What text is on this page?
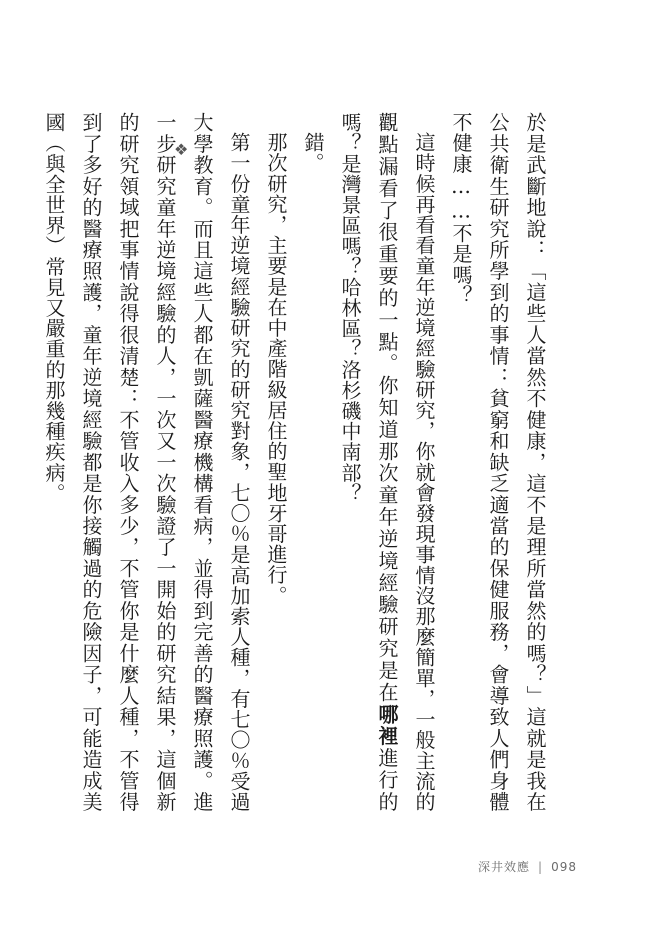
於是武斷地說：「這些人當然不健康，這不是理所當然的嗎？」這就是我在公共衛生研究所學到的事情：貧窮和缺乏適當的保健服務，會導致人們身體不健康……不是嗎？

這時候再看看童年逆境經驗研究，你就會發現事情沒那麼簡單，一般主流的觀點漏看了很重要的一點。你知道那次童年逆境經驗研究是在哪裡進行的嗎？是灣景區嗎？哈林區？洛杉磯中南部？

錯。

那次研究，主要是在中產階級居住的聖地牙哥進行。

第一份童年逆境經驗研究的研究對象，七〇％是高加索人種，有七〇％受過大學教育。而且這些人都在凱薩醫療機構看病，並得到完善的醫療照護。進一步研究童年逆境經驗的人，一次又一次驗證了一開始的研究結果，這個新的研究領域把事情說得很清楚：不管收入多少，不管你是什麼人種，不管得到了多好的醫療照護，童年逆境經驗都是你接觸過的危險因子，可能造成美國（與全世界）常見又嚴重的那幾種疾病。	❖
深井效應 | 098
